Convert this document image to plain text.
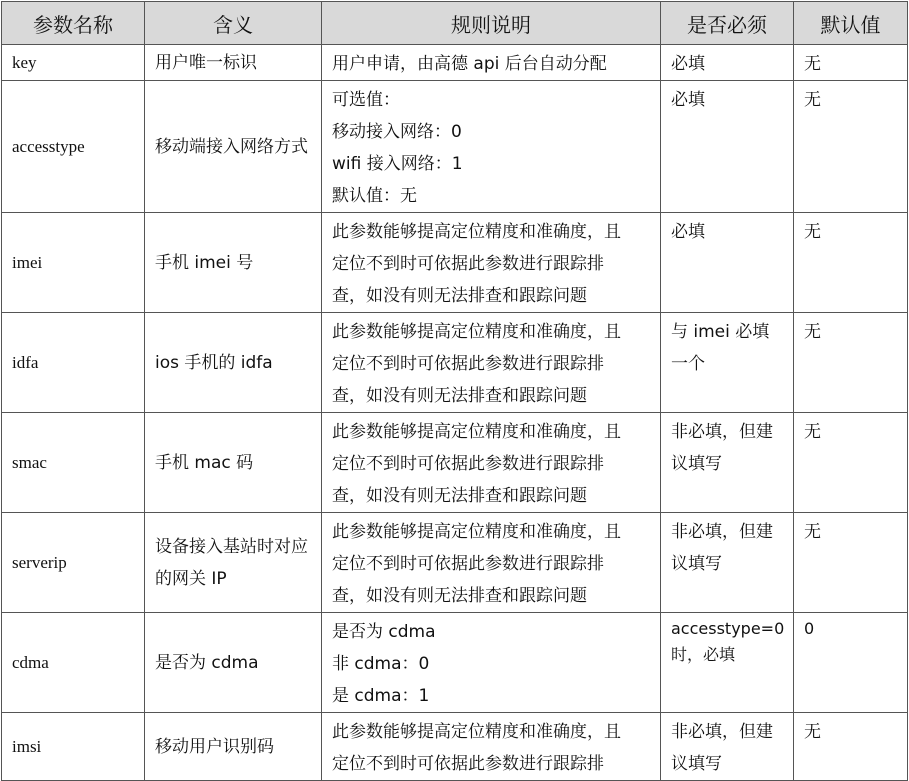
参数名称	含义	规则说明	是否必须	默认值
key	用户唯一标识	用户申请，由高德 api 后台自动分配	必填	无
accesstype	移动端接入网络方式	可选值：
移动接入网络：0
wifi 接入网络：1
默认值：无	必填	无
imei	手机 imei 号	此参数能够提高定位精度和准确度，且
定位不到时可依据此参数进行跟踪排
查，如没有则无法排查和跟踪问题	必填	无
idfa	ios 手机的 idfa	此参数能够提高定位精度和准确度，且
定位不到时可依据此参数进行跟踪排
查，如没有则无法排查和跟踪问题	与 imei 必填一个	无
smac	手机 mac 码	此参数能够提高定位精度和准确度，且
定位不到时可依据此参数进行跟踪排
查，如没有则无法排查和跟踪问题	非必填，但建议填写	无
serverip	设备接入基站时对应的网关 IP	此参数能够提高定位精度和准确度，且
定位不到时可依据此参数进行跟踪排
查，如没有则无法排查和跟踪问题	非必填，但建议填写	无
cdma	是否为 cdma	是否为 cdma
非 cdma：0
是 cdma：1	accesstype=0 时，必填	0
imsi	移动用户识别码	此参数能够提高定位精度和准确度，且
定位不到时可依据此参数进行跟踪排	非必填，但建议填写	无
